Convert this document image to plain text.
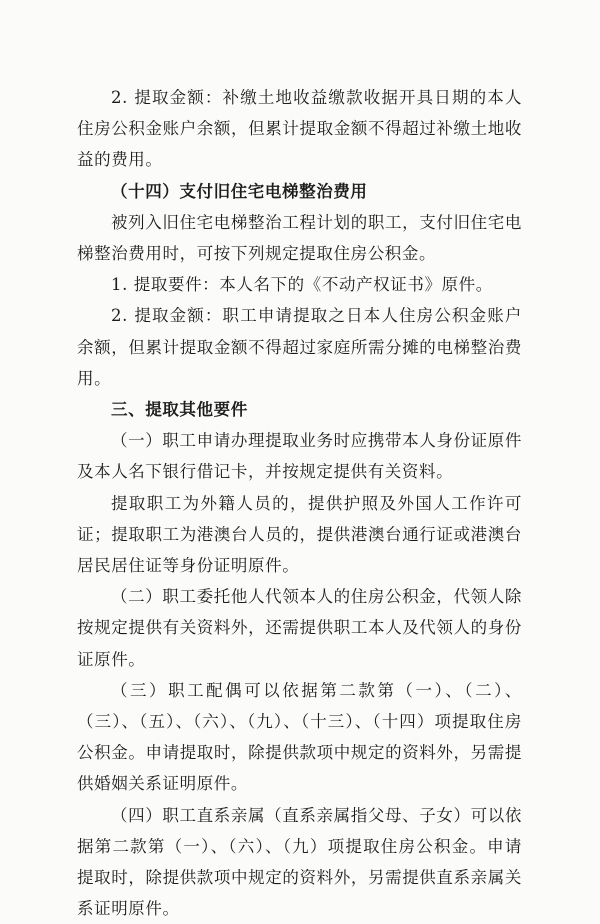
2. 提取金额：补缴土地收益缴款收据开具日期的本人住房公积金账户余额，但累计提取金额不得超过补缴土地收益的费用。

（十四）支付旧住宅电梯整治费用

被列入旧住宅电梯整治工程计划的职工，支付旧住宅电梯整治费用时，可按下列规定提取住房公积金。

1. 提取要件：本人名下的《不动产权证书》原件。

2. 提取金额：职工申请提取之日本人住房公积金账户余额，但累计提取金额不得超过家庭所需分摊的电梯整治费用。

三、提取其他要件

（一）职工申请办理提取业务时应携带本人身份证原件及本人名下银行借记卡，并按规定提供有关资料。

提取职工为外籍人员的，提供护照及外国人工作许可证；提取职工为港澳台人员的，提供港澳台通行证或港澳台居民居住证等身份证明原件。

（二）职工委托他人代领本人的住房公积金，代领人除按规定提供有关资料外，还需提供职工本人及代领人的身份证原件。

（三）职工配偶可以依据第二款第（一）、（二）、（三）、（五）、（六）、（九）、（十三）、（十四）项提取住房公积金。申请提取时，除提供款项中规定的资料外，另需提供婚姻关系证明原件。

（四）职工直系亲属（直系亲属指父母、子女）可以依据第二款第（一）、（六）、（九）项提取住房公积金。申请提取时，除提供款项中规定的资料外，另需提供直系亲属关系证明原件。
